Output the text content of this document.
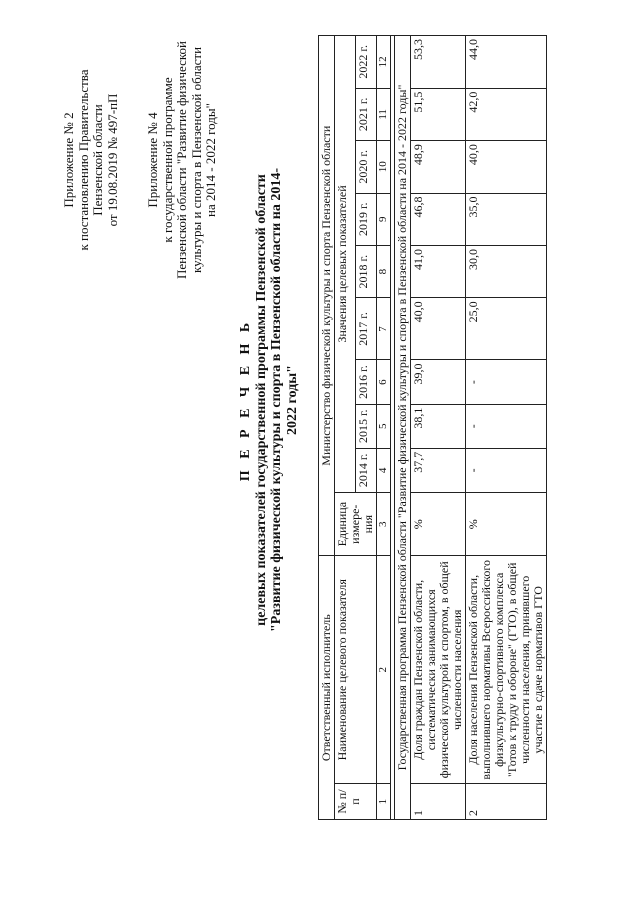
Приложение № 2 к постановлению Правительства Пензенской области от 19.08.2019 № 497-пП Приложение № 4 к государственной программе Пензенской области "Развитие физической культуры и спорта в Пензенской области на 2014 - 2022 годы"
П Е Р Е Ч Е Н Ь целевых показателей государственной программы Пензенской области "Развитие физической культуры и спорта в Пензенской области на 2014-2022 годы"
Ответственный исполнитель		Министерство физической культуры и спорта Пензенской области									
№ п/п	Наименование целевого показателя	Единица измере-ния	Значения целевых показателей								
			2014 г.	2015 г.	2016 г.	2017 г.	2018 г.	2019 г.	2020 г.	2021 г.	2022 г.
1	2	3	4	5	6	7	8	9	10	11	12

Государственная программа Пензенской области "Развитие физической культуры и спорта в Пензенской области на 2014 - 2022 годы"											
1	Доля граждан Пензенской области, систематически занимающихся физической культурой и спортом, в общей численности населения	%	37,7	38,1	39,0	40,0	41,0	46,8	48,9	51,5	53,3
2	Доля населения Пензенской области, выполнившего нормативы Всероссийского физкультурно-спортивного комплекса "Готов к труду и обороне" (ГТО), в общей численности населения, принявшего участие в сдаче нормативов ГТО	%	-	-	-	25,0	30,0	35,0	40,0	42,0	44,0
